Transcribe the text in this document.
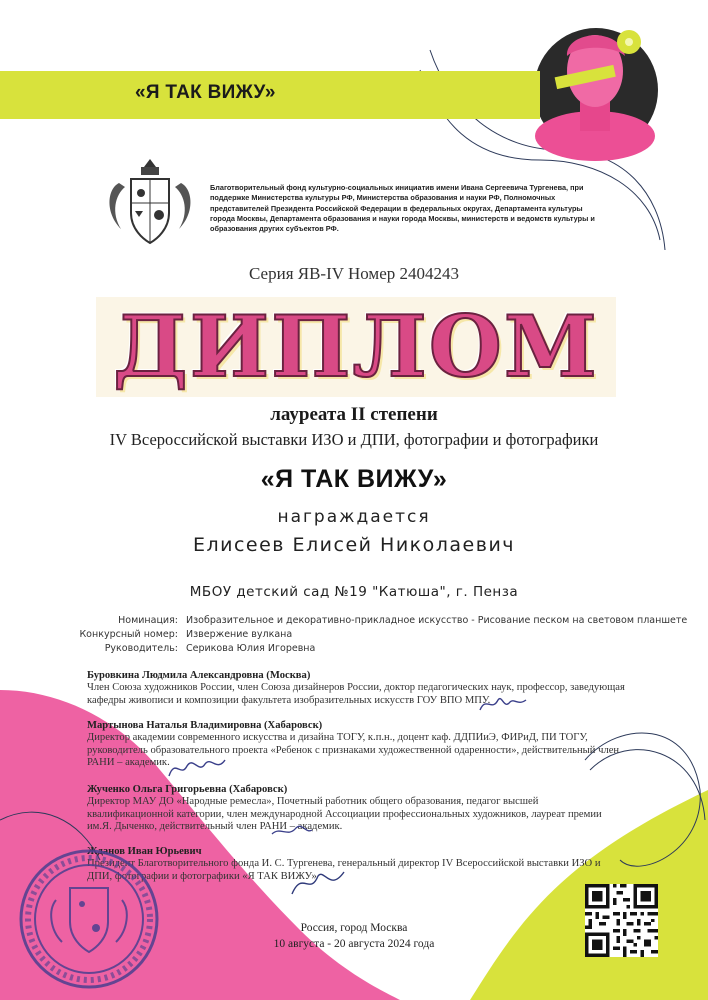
«Я ТАК ВИЖУ»
Благотворительный фонд культурно-социальных инициатив имени Ивана Сергеевича Тургенева, при поддержке Министерства культуры РФ, Министерства образования и науки РФ, Полномочных представителей Президента Российской Федерации в федеральных округах, Департамента культуры города Москвы, Департамента образования и науки города Москвы, министерств и ведомств культуры и образования других субъектов РФ.
Серия ЯВ-IV Номер 2404243
ДИПЛОМ
лауреата II степени
IV Всероссийской выставки ИЗО и ДПИ, фотографии и фотографики
«Я ТАК ВИЖУ»
награждается
Елисеев Елисей Николаевич
МБОУ детский сад №19 "Катюша", г. Пенза
Номинация: Изобразительное и декоративно-прикладное искусство - Рисование песком на световом планшете
Конкурсный номер: Извержение вулкана
Руководитель: Серикова Юлия Игоревна
Буровкина Людмила Александровна (Москва)
Член Союза художников России, член Союза дизайнеров России, доктор педагогических наук, профессор, заведующая кафедры живописи и композиции факультета изобразительных искусств ГОУ ВПО МПУ.
Мартынова Наталья Владимировна (Хабаровск)
Директор академии современного искусства и дизайна ТОГУ, к.п.н., доцент каф. ДДПИиЭ, ФИРиД, ПИ ТОГУ, руководитель образовательного проекта «Ребенок с признаками художественной одаренности», действительный член РАНИ – академик.
Жученко Ольга Григорьевна (Хабаровск)
Директор МАУ ДО «Народные ремесла», Почетный работник общего образования, педагог высшей квалификационной категории, член международной Ассоциации профессиональных художников, лауреат премии им.Я. Дыченко, действительный член РАНИ – академик.
Жданов Иван Юрьевич
Президент Благотворительного фонда И. С. Тургенева, генеральный директор IV Всероссийской выставки ИЗО и ДПИ, фотографии и фотографики «Я ТАК ВИЖУ»
Россия, город Москва
10 августа - 20 августа 2024 года
